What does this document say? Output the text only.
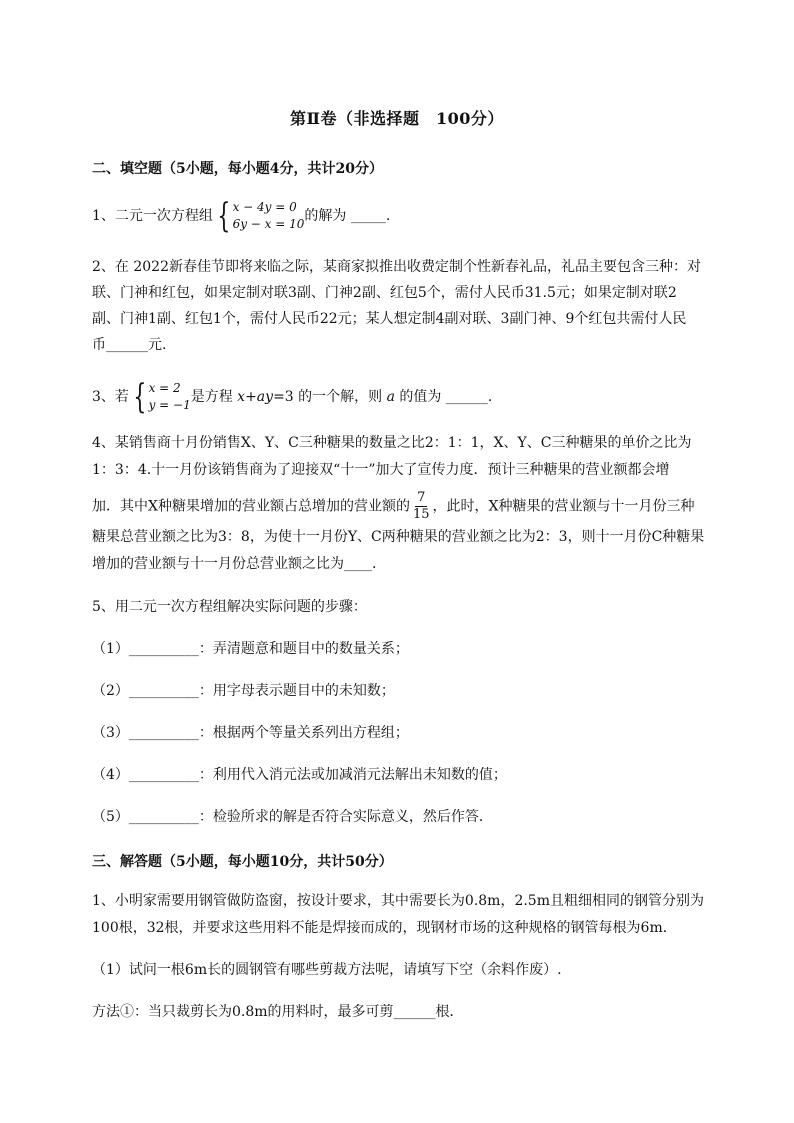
第Ⅱ卷（非选择题　100分）
二、填空题（5小题，每小题4分，共计20分）
1、二元一次方程组 { x − 4y = 0
6y − x = 10 的解为 _____.
2、在 2022新春佳节即将来临之际，某商家拟推出收费定制个性新春礼品，礼品主要包含三种：对
联、门神和红包，如果定制对联3副、门神2副、红包5个，需付人民币31.5元；如果定制对联2
副、门神1副、红包1个，需付人民币22元；某人想定制4副对联、3副门神、9个红包共需付人民
币______元.
3、若 { x = 2
y = −1 是方程 x+ay=3 的一个解，则 a 的值为 ______.
4、某销售商十月份销售X、Y、C三种糖果的数量之比2：1：1，X、Y、C三种糖果的单价之比为
1：3：4.十一月份该销售商为了迎接双“十一”加大了宣传力度．预计三种糖果的营业额都会增
加．其中X种糖果增加的营业额占总增加的营业额的 $\frac{7}{15}$ ，此时，X种糖果的营业额与十一月份三种
糖果总营业额之比为3：8，为使十一月份Y、C两种糖果的营业额之比为2：3，则十一月份C种糖果
增加的营业额与十一月份总营业额之比为____.
5、用二元一次方程组解决实际问题的步骤：
（1）__________：弄清题意和题目中的数量关系；
（2）__________：用字母表示题目中的未知数；
（3）__________：根据两个等量关系列出方程组；
（4）__________：利用代入消元法或加减消元法解出未知数的值；
（5）__________：检验所求的解是否符合实际意义，然后作答．
三、解答题（5小题，每小题10分，共计50分）
1、小明家需要用钢管做防盗窗，按设计要求，其中需要长为0.8m，2.5m且粗细相同的钢管分别为
100根，32根，并要求这些用料不能是焊接而成的，现钢材市场的这种规格的钢管每根为6m．
（1）试问一根6m长的圆钢管有哪些剪裁方法呢，请填写下空（余料作废）.
方法①：当只裁剪长为0.8m的用料时，最多可剪______根．
